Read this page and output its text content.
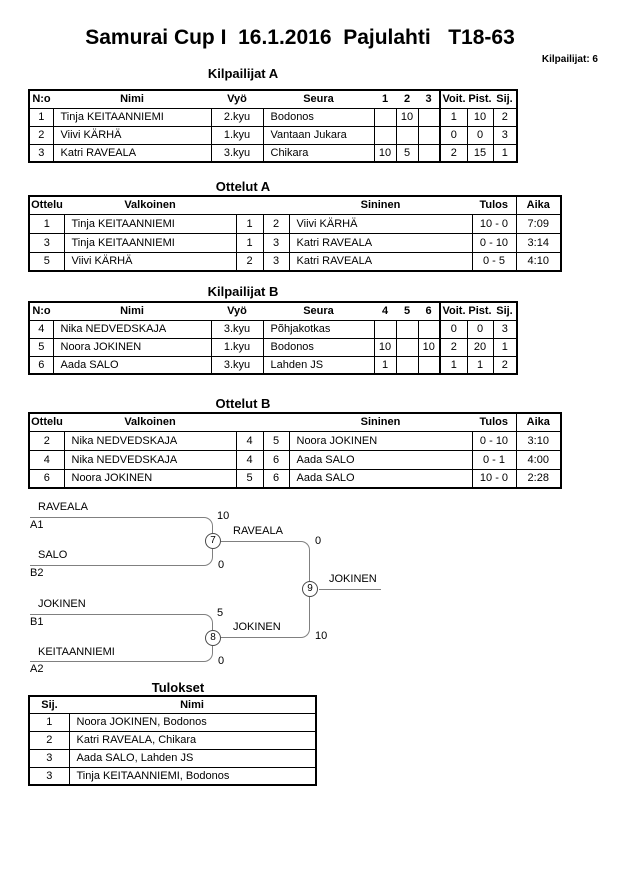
Samurai Cup I  16.1.2016  Pajulahti   T18-63
Kilpailijat: 6
Kilpailijat A
N:o	Nimi	Vyö	Seura	1	2	3	Voit.	Pist.	Sij.
1	Tinja KEITAANNIEMI	2.kyu	Bodonos		10		1	10	2
2	Viivi KÄRHÄ	1.kyu	Vantaan Jukara				0	0	3
3	Katri RAVEALA	3.kyu	Chikara	10	5		2	15	1
Ottelut A
Ottelu	Valkoinen			Sininen	Tulos	Aika
1	Tinja KEITAANNIEMI	1	2	Viivi KÄRHÄ	10 - 0	7:09
3	Tinja KEITAANNIEMI	1	3	Katri RAVEALA	0 - 10	3:14
5	Viivi KÄRHÄ	2	3	Katri RAVEALA	0 - 5	4:10
Kilpailijat B
N:o	Nimi	Vyö	Seura	4	5	6	Voit.	Pist.	Sij.
4	Nika NEDVEDSKAJA	3.kyu	Põhjakotkas				0	0	3
5	Noora JOKINEN	1.kyu	Bodonos	10		10	2	20	1
6	Aada SALO	3.kyu	Lahden JS	1			1	1	2
Ottelut B
Ottelu	Valkoinen			Sininen	Tulos	Aika
2	Nika NEDVEDSKAJA	4	5	Noora JOKINEN	0 - 10	3:10
4	Nika NEDVEDSKAJA	4	6	Aada SALO	0 - 1	4:00
6	Noora JOKINEN	5	6	Aada SALO	10 - 0	2:28
RAVEALA
A1
10
SALO
B2
0
7
RAVEALA
0
JOKINEN
B1
5
KEITAANNIEMI
A2
0
8
JOKINEN
10
9
JOKINEN
Tulokset
Sij.	Nimi
1	Noora JOKINEN, Bodonos
2	Katri RAVEALA, Chikara
3	Aada SALO, Lahden JS
3	Tinja KEITAANNIEMI, Bodonos
